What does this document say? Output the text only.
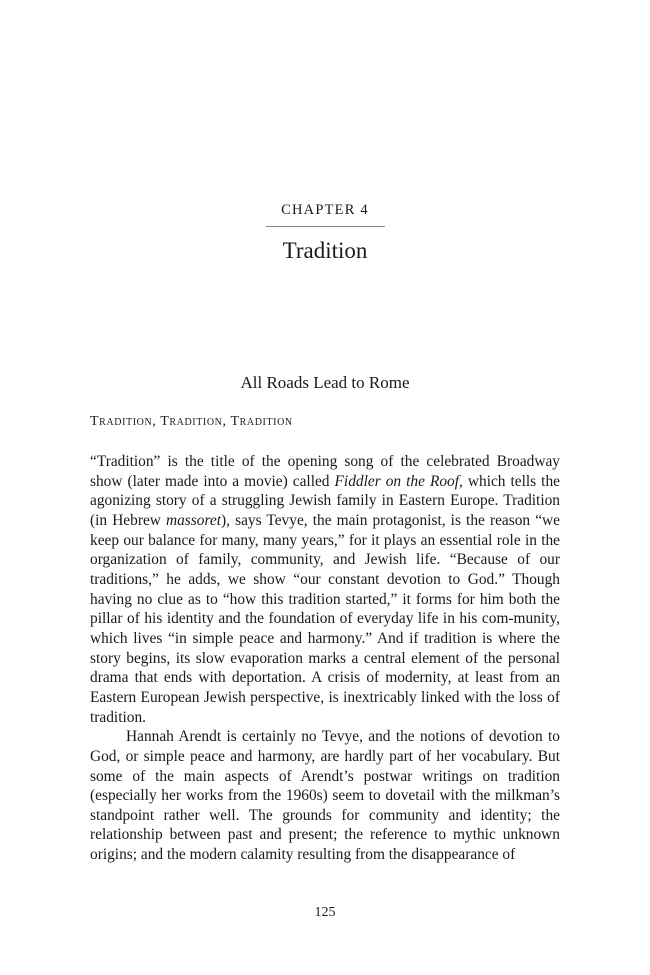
CHAPTER 4
Tradition
All Roads Lead to Rome
Tradition, Tradition, Tradition

“Tradition” is the title of the opening song of the celebrated Broadway show (later made into a movie) called Fiddler on the Roof, which tells the agonizing story of a struggling Jewish family in Eastern Europe. Tradition (in Hebrew massoret), says Tevye, the main protagonist, is the reason “we keep our balance for many, many years,” for it plays an essential role in the organization of family, community, and Jewish life. “Because of our traditions,” he adds, we show “our constant devotion to God.” Though having no clue as to “how this tradition started,” it forms for him both the pillar of his identity and the foundation of everyday life in his com-munity, which lives “in simple peace and harmony.” And if tradition is where the story begins, its slow evaporation marks a central element of the personal drama that ends with deportation. A crisis of modernity, at least from an Eastern European Jewish perspective, is inextricably linked with the loss of tradition.

Hannah Arendt is certainly no Tevye, and the notions of devotion to God, or simple peace and harmony, are hardly part of her vocabulary. But some of the main aspects of Arendt’s postwar writings on tradition (especially her works from the 1960s) seem to dovetail with the milkman’s standpoint rather well. The grounds for community and identity; the relationship between past and present; the reference to mythic unknown origins; and the modern calamity resulting from the disappearance of

125
